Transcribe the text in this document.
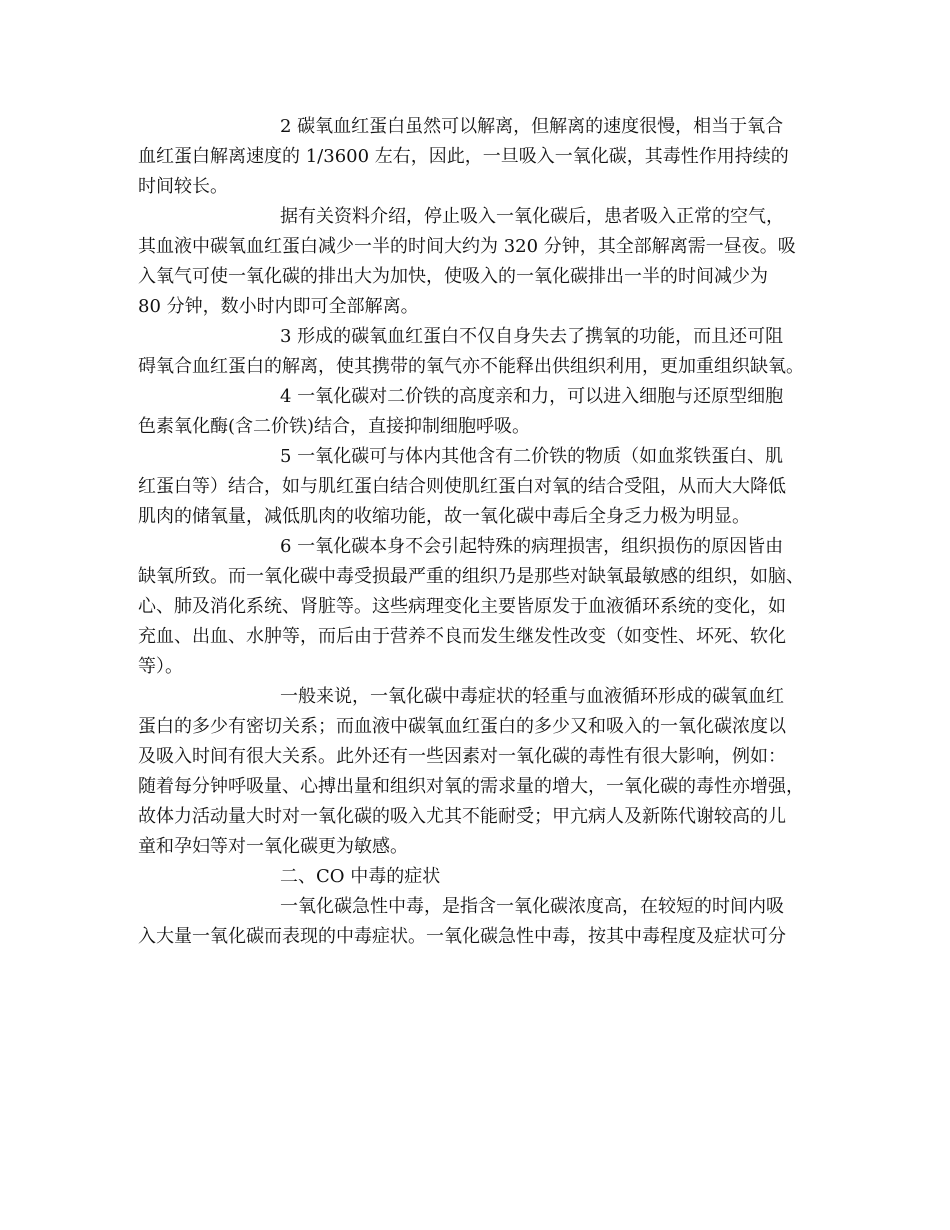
2 碳氧血红蛋白虽然可以解离，但解离的速度很慢，相当于氧合
血红蛋白解离速度的 1/3600 左右，因此，一旦吸入一氧化碳，其毒性作用持续的
时间较长。
据有关资料介绍，停止吸入一氧化碳后，患者吸入正常的空气，
其血液中碳氧血红蛋白减少一半的时间大约为 320 分钟，其全部解离需一昼夜。吸
入氧气可使一氧化碳的排出大为加快，使吸入的一氧化碳排出一半的时间减少为
80 分钟，数小时内即可全部解离。
3 形成的碳氧血红蛋白不仅自身失去了携氧的功能，而且还可阻
碍氧合血红蛋白的解离，使其携带的氧气亦不能释出供组织利用，更加重组织缺氧。
4 一氧化碳对二价铁的高度亲和力，可以进入细胞与还原型细胞
色素氧化酶(含二价铁)结合，直接抑制细胞呼吸。
5 一氧化碳可与体内其他含有二价铁的物质（如血浆铁蛋白、肌
红蛋白等）结合，如与肌红蛋白结合则使肌红蛋白对氧的结合受阻，从而大大降低
肌肉的储氧量，减低肌肉的收缩功能，故一氧化碳中毒后全身乏力极为明显。
6 一氧化碳本身不会引起特殊的病理损害，组织损伤的原因皆由
缺氧所致。而一氧化碳中毒受损最严重的组织乃是那些对缺氧最敏感的组织，如脑、
心、肺及消化系统、肾脏等。这些病理变化主要皆原发于血液循环系统的变化，如
充血、出血、水肿等，而后由于营养不良而发生继发性改变（如变性、坏死、软化
等）。
一般来说，一氧化碳中毒症状的轻重与血液循环形成的碳氧血红
蛋白的多少有密切关系；而血液中碳氧血红蛋白的多少又和吸入的一氧化碳浓度以
及吸入时间有很大关系。此外还有一些因素对一氧化碳的毒性有很大影响，例如：
随着每分钟呼吸量、心搏出量和组织对氧的需求量的增大，一氧化碳的毒性亦增强，
故体力活动量大时对一氧化碳的吸入尤其不能耐受；甲亢病人及新陈代谢较高的儿
童和孕妇等对一氧化碳更为敏感。
二、CO 中毒的症状
一氧化碳急性中毒，是指含一氧化碳浓度高，在较短的时间内吸
入大量一氧化碳而表现的中毒症状。一氧化碳急性中毒，按其中毒程度及症状可分
